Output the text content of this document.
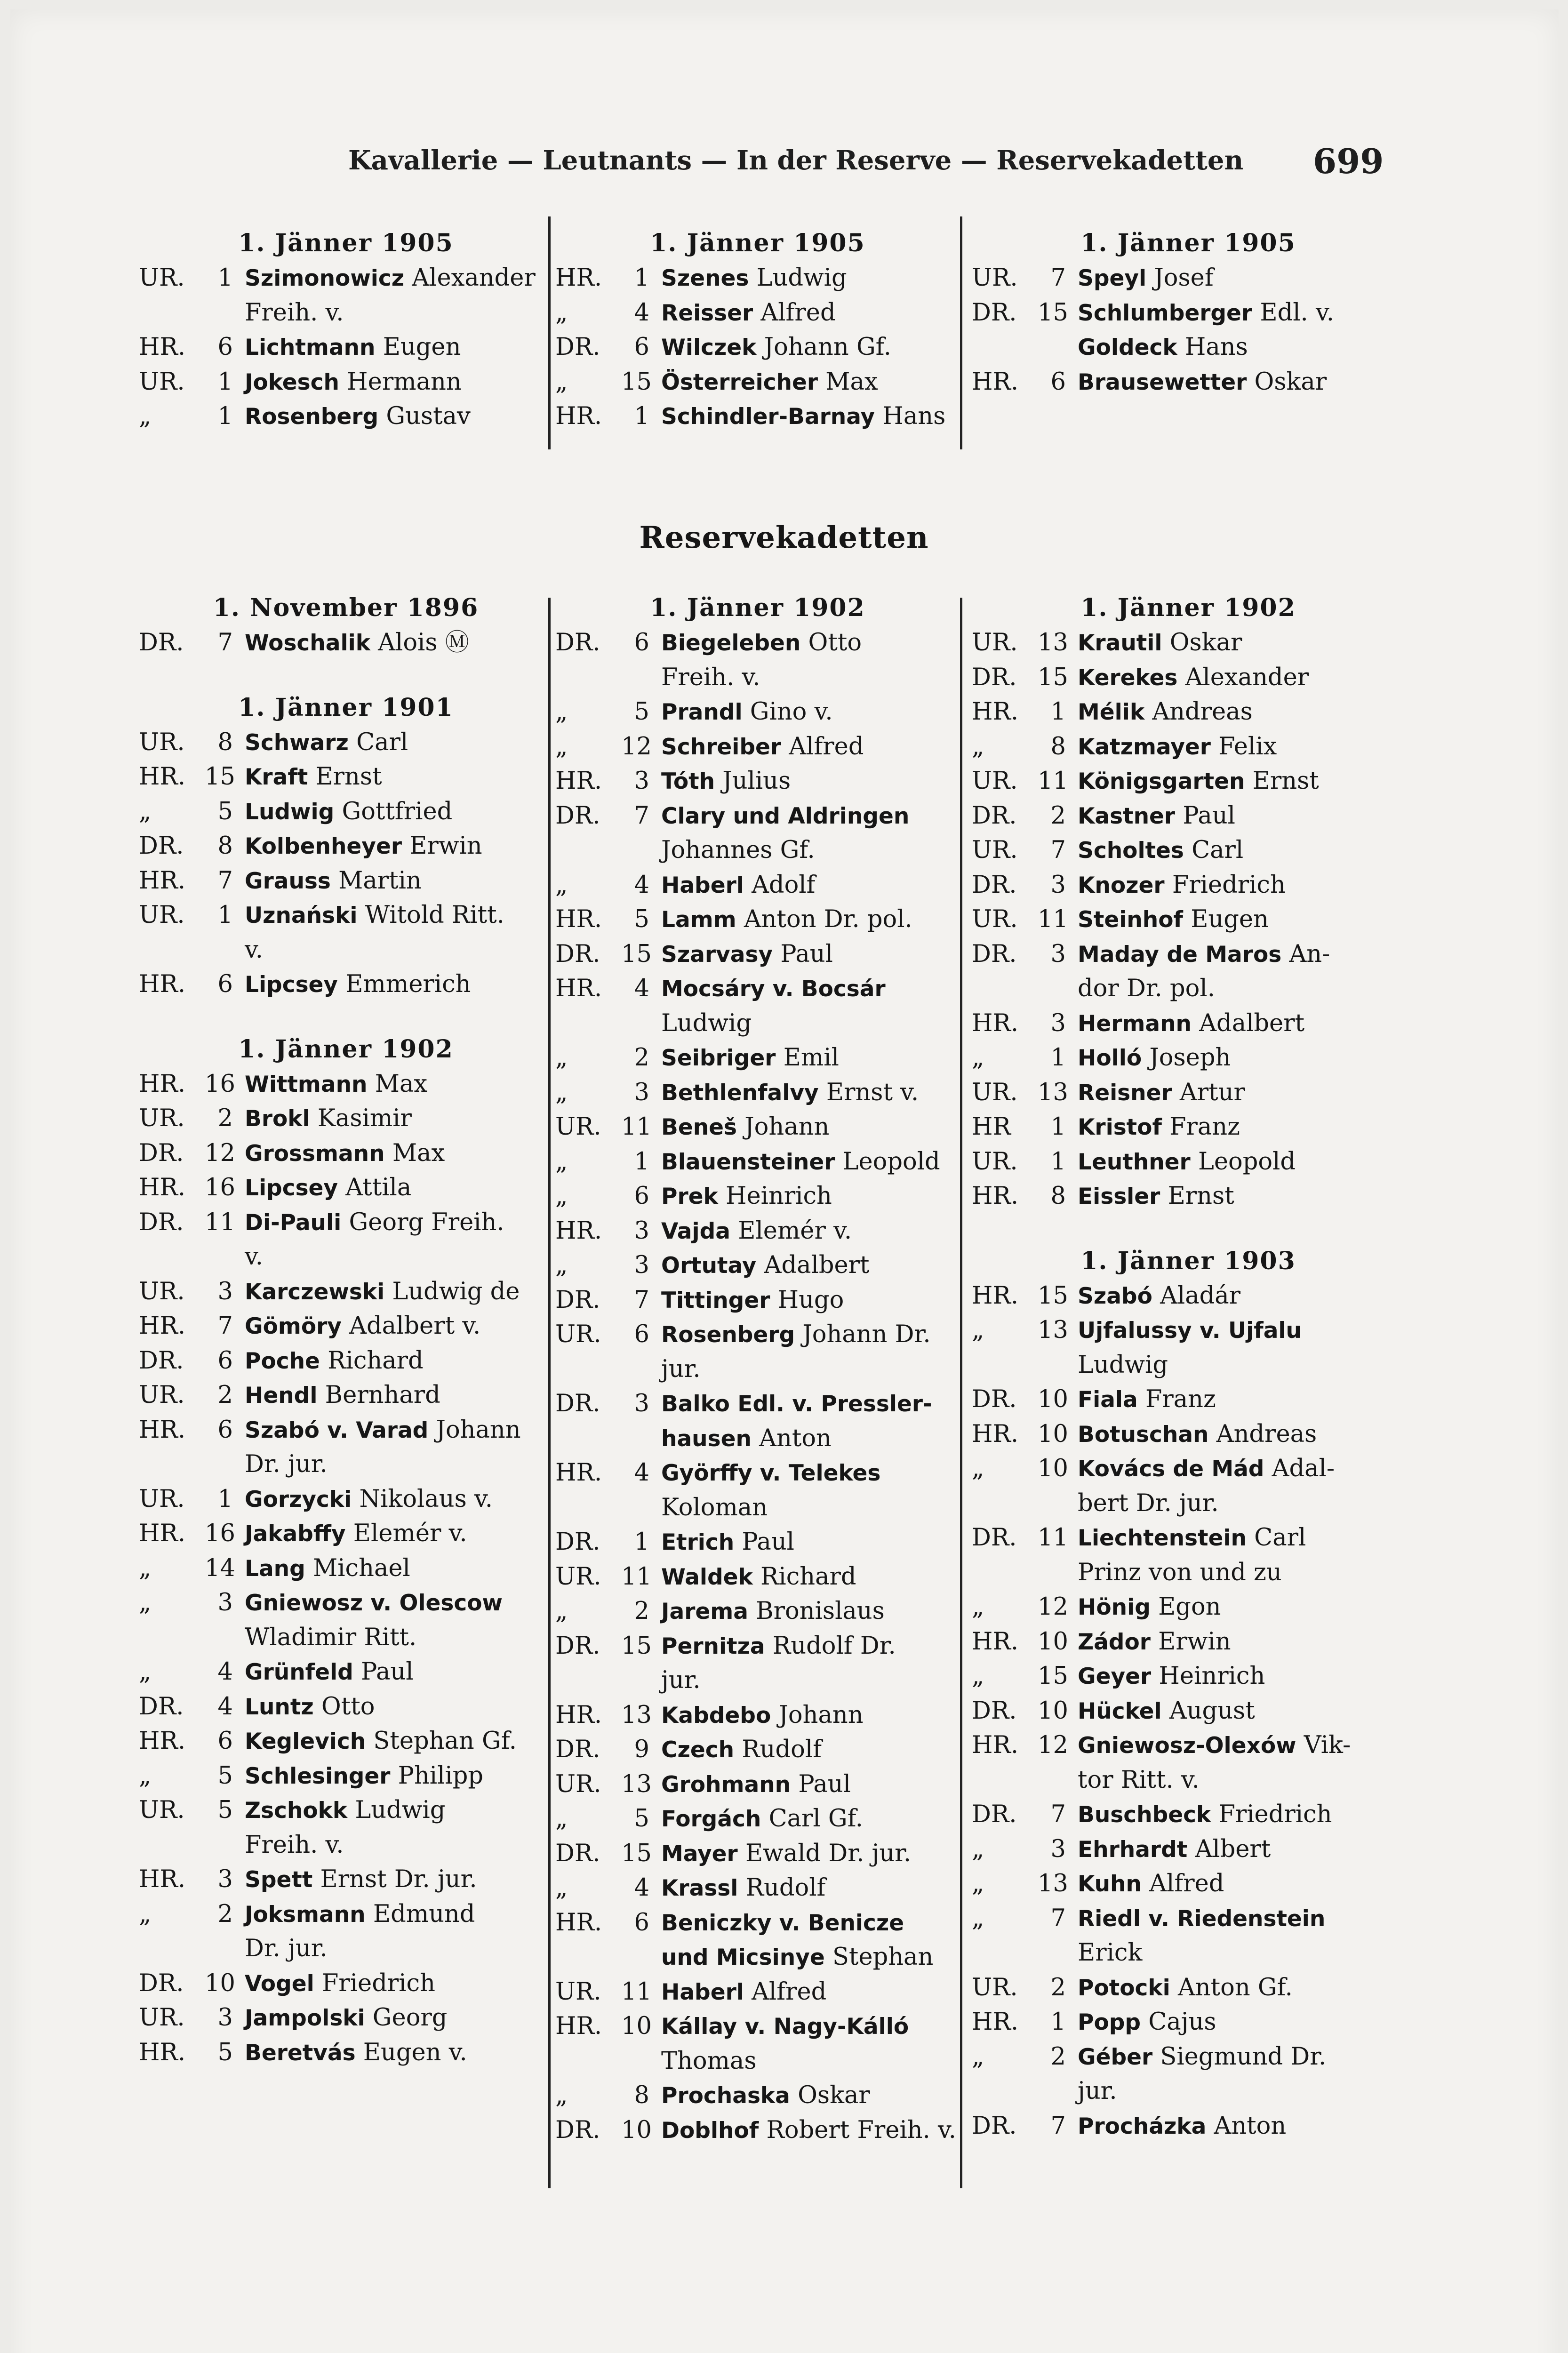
Kavallerie — Leutnants — In der Reserve — Reservekadetten 699
1. Jänner 1905
UR.	1 Szimonowicz Alexander
Freih. v.
HR.	6 Lichtmann Eugen
UR.	1 Jokesch Hermann
„	1 Rosenberg Gustav
1. Jänner 1905
HR.	1 Szenes Ludwig
„	4 Reisser Alfred
DR.	6 Wilczek Johann Gf.
„	15 Österreicher Max
HR.	1 Schindler-Barnay Hans
1. Jänner 1905
UR.	7 Speyl Josef
DR. 15 Schlumberger Edl. v.
Goldeck Hans
HR.	6 Brausewetter Oskar
Reservekadetten
1. November 1896
DR.	7 Woschalik Alois Ⓜ
1. Jänner 1901
UR.	8 Schwarz Carl
HR. 15 Kraft Ernst
„	5 Ludwig Gottfried
DR.	8 Kolbenheyer Erwin
HR.	7 Grauss Martin
UR.	1 Uznański Witold Ritt.
v.
HR.	6 Lipcsey Emmerich
1. Jänner 1902
HR. 16 Wittmann Max
UR.	2 Brokl Kasimir
DR. 12 Grossmann Max
HR. 16 Lipcsey Attila
DR. 11 Di-Pauli Georg Freih.
v.
UR.	3 Karczewski Ludwig de
HR.	7 Gömöry Adalbert v.
DR.	6 Poche Richard
UR.	2 Hendl Bernhard
HR.	6 Szabó v. Varad Johann
Dr. jur.
UR.	1 Gorzycki Nikolaus v.
HR. 16 Jakabffy Elemér v.
„	14 Lang Michael
„	3 Gniewosz v. Olescow
Wladimir Ritt.
„	4 Grünfeld Paul
DR.	4 Luntz Otto
HR.	6 Keglevich Stephan Gf.
„	5 Schlesinger Philipp
UR.	5 Zschokk Ludwig
Freih. v.
HR.	3 Spett Ernst Dr. jur.
„	2 Joksmann Edmund
Dr. jur.
DR. 10 Vogel Friedrich
UR.	3 Jampolski Georg
HR.	5 Beretvás Eugen v.
1. Jänner 1902
DR.	6 Biegeleben Otto
Freih. v.
„	5 Prandl Gino v.
„	12 Schreiber Alfred
HR.	3 Tóth Julius
DR.	7 Clary und Aldringen
Johannes Gf.
„	4 Haberl Adolf
HR.	5 Lamm Anton Dr. pol.
DR. 15 Szarvasy Paul
HR.	4 Mocsáry v. Bocsár
Ludwig
„	2 Seibriger Emil
„	3 Bethlenfalvy Ernst v.
UR. 11 Beneš Johann
„	1 Blauensteiner Leopold
„	6 Prek Heinrich
HR.	3 Vajda Elemér v.
„	3 Ortutay Adalbert
DR.	7 Tittinger Hugo
UR.	6 Rosenberg Johann Dr.
jur.
DR.	3 Balko Edl. v. Pressler-
hausen Anton
HR.	4 Györffy v. Telekes
Koloman
DR.	1 Etrich Paul
UR. 11 Waldek Richard
„	2 Jarema Bronislaus
DR. 15 Pernitza Rudolf Dr.
jur.
HR. 13 Kabdebo Johann
DR.	9 Czech Rudolf
UR. 13 Grohmann Paul
„	5 Forgách Carl Gf.
DR. 15 Mayer Ewald Dr. jur.
„	4 Krassl Rudolf
HR.	6 Beniczky v. Benicze
und Micsinye Stephan
UR. 11 Haberl Alfred
HR. 10 Kállay v. Nagy-Kálló
Thomas
„	8 Prochaska Oskar
DR. 10 Doblhof Robert Freih. v.
1. Jänner 1902
UR. 13 Krautil Oskar
DR. 15 Kerekes Alexander
HR.	1 Mélik Andreas
„	8 Katzmayer Felix
UR. 11 Königsgarten Ernst
DR.	2 Kastner Paul
UR.	7 Scholtes Carl
DR.	3 Knozer Friedrich
UR. 11 Steinhof Eugen
DR.	3 Maday de Maros An-
dor Dr. pol.
HR.	3 Hermann Adalbert
„	1 Holló Joseph
UR. 13 Reisner Artur
HR	1 Kristof Franz
UR.	1 Leuthner Leopold
HR.	8 Eissler Ernst
1. Jänner 1903
HR. 15 Szabó Aladár
„	13 Ujfalussy v. Ujfalu
Ludwig
DR. 10 Fiala Franz
HR. 10 Botuschan Andreas
„	10 Kovács de Mád Adal-
bert Dr. jur.
DR. 11 Liechtenstein Carl
Prinz von und zu
„	12 Hönig Egon
HR. 10 Zádor Erwin
„	15 Geyer Heinrich
DR. 10 Hückel August
HR. 12 Gniewosz-Olexów Vik-
tor Ritt. v.
DR.	7 Buschbeck Friedrich
„	3 Ehrhardt Albert
„	13 Kuhn Alfred
„	7 Riedl v. Riedenstein
Erick
UR.	2 Potocki Anton Gf.
HR.	1 Popp Cajus
„	2 Géber Siegmund Dr.
jur.
DR.	7 Procházka Anton
